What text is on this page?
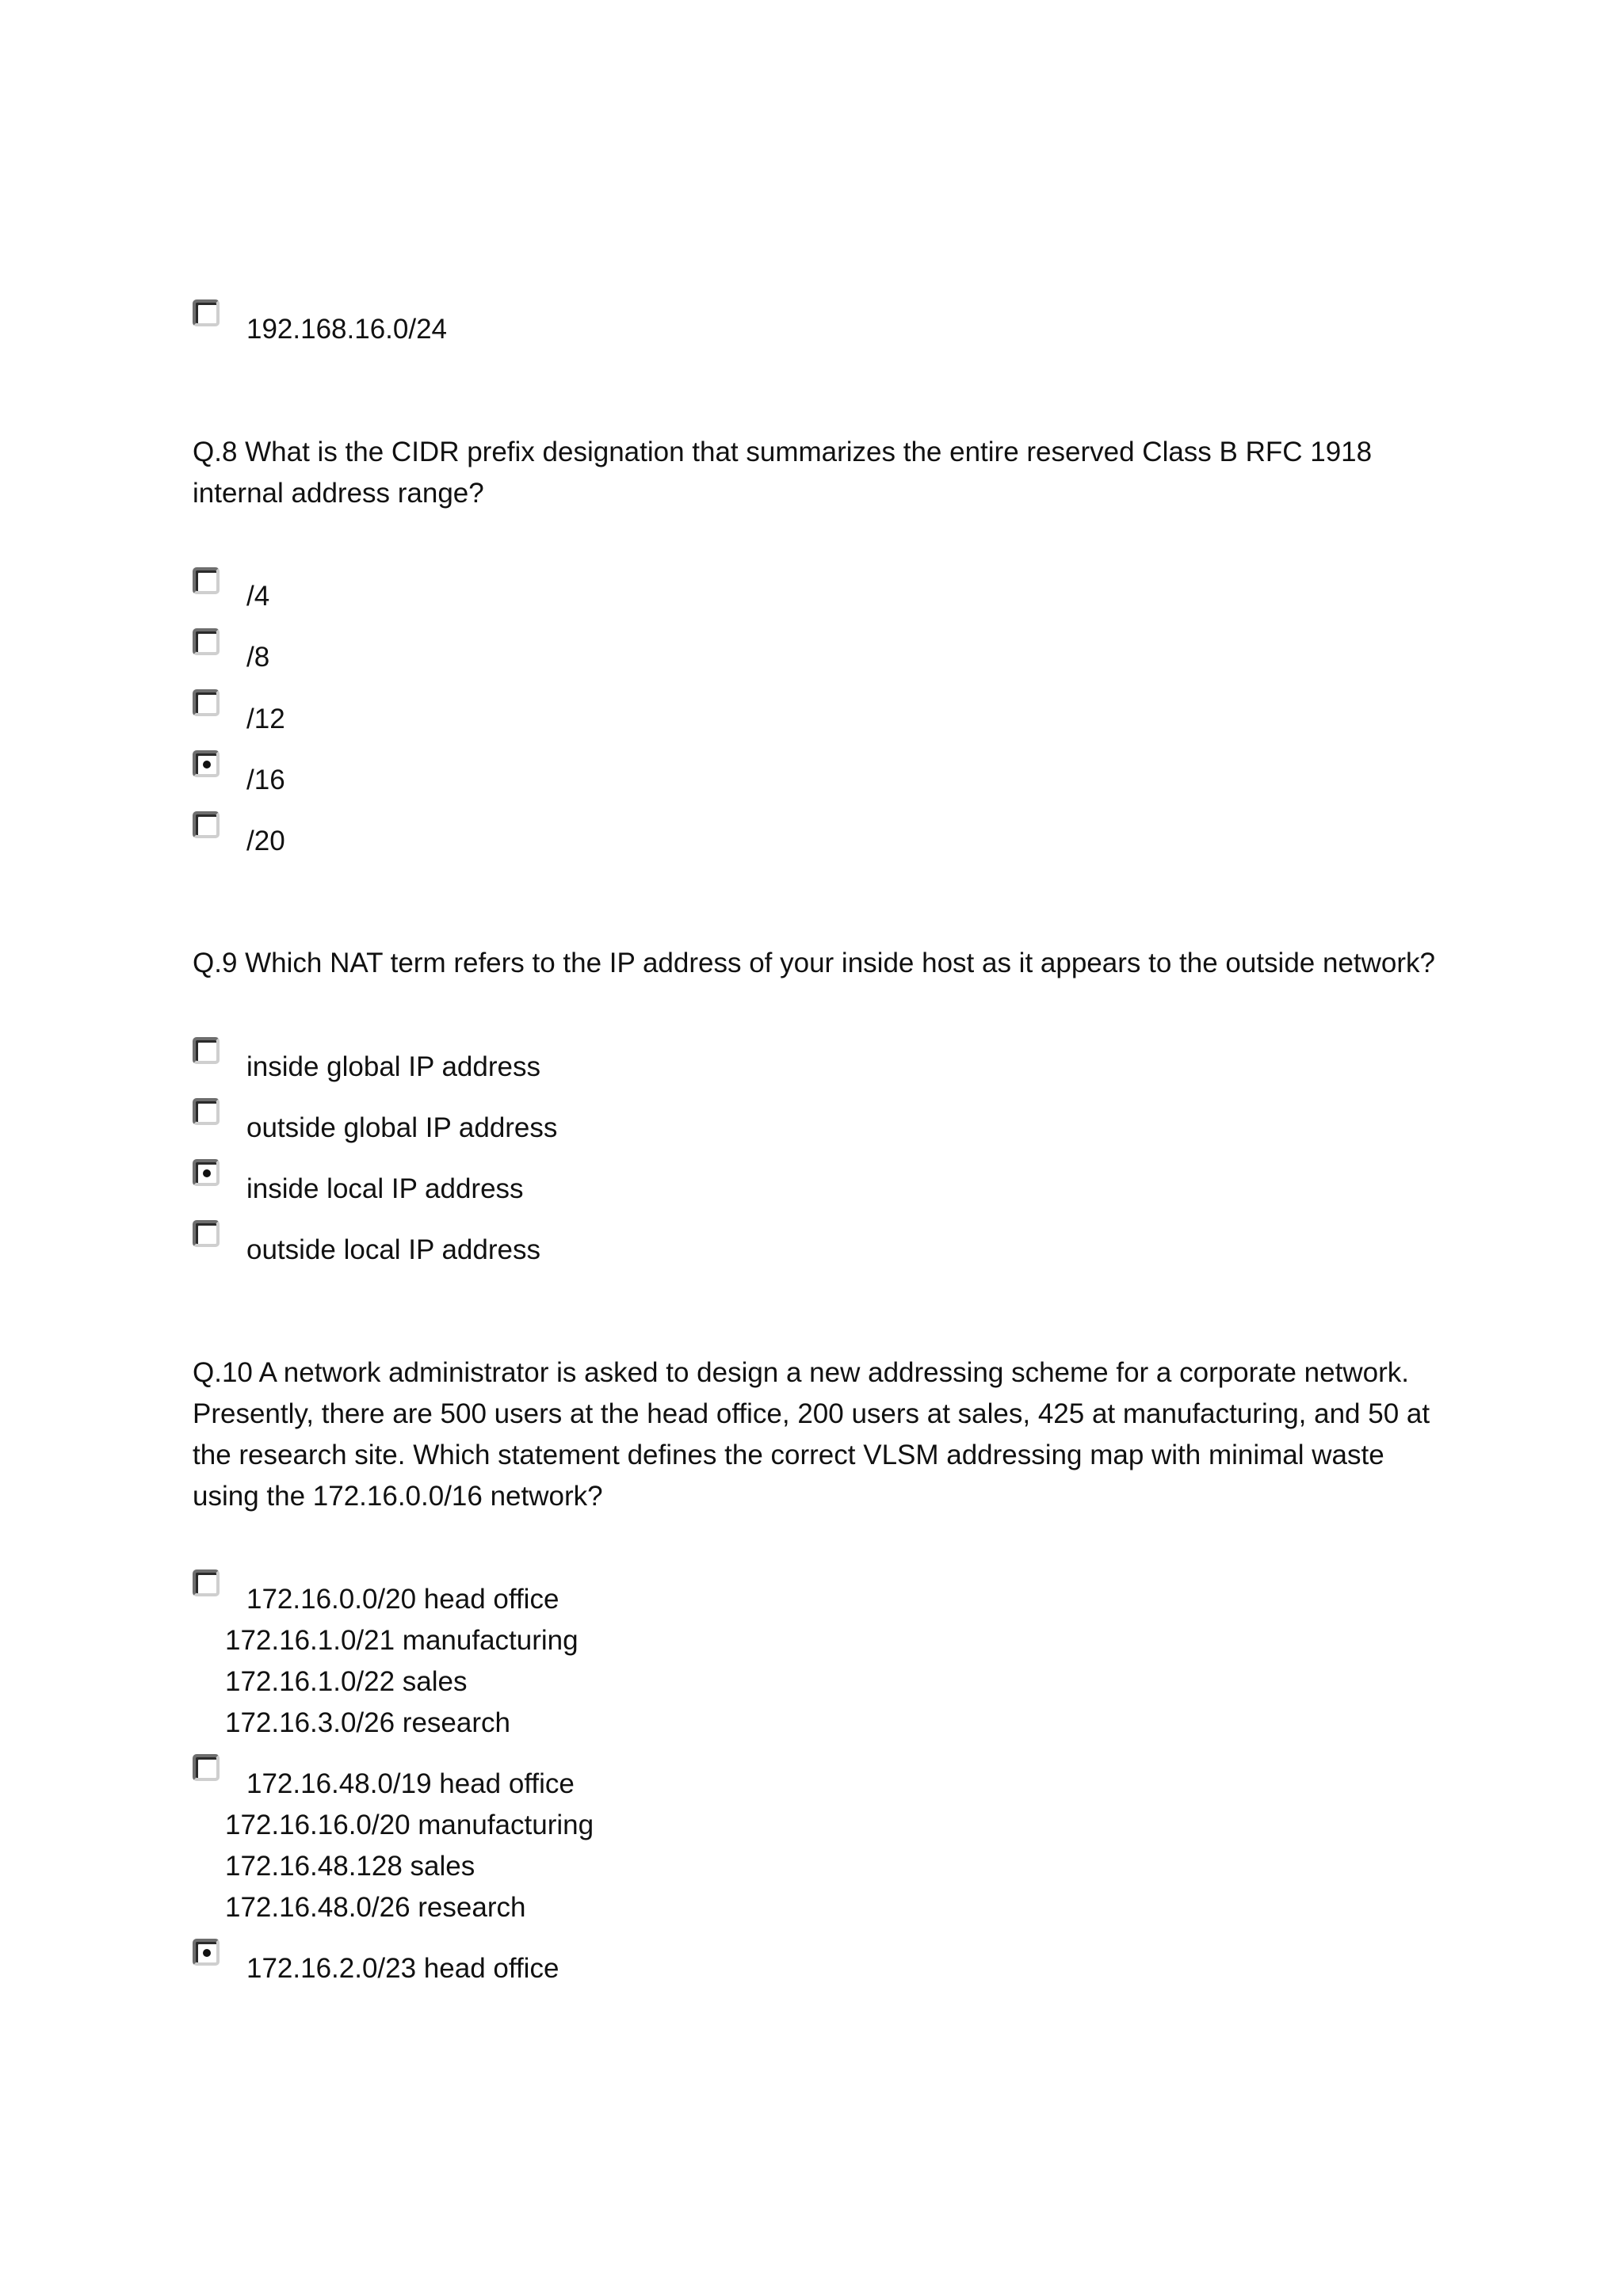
192.168.16.0/24

Q.8 What is the CIDR prefix designation that summarizes the entire reserved Class B RFC 1918 internal address range?

/4

/8

/12

/16

/20

Q.9 Which NAT term refers to the IP address of your inside host as it appears to the outside network?

inside global IP address

outside global IP address

inside local IP address

outside local IP address

Q.10 A network administrator is asked to design a new addressing scheme for a corporate network. Presently, there are 500 users at the head office, 200 users at sales, 425 at manufacturing, and 50 at the research site. Which statement defines the correct VLSM addressing map with minimal waste using the 172.16.0.0/16 network?

172.16.0.0/20 head office

172.16.1.0/21 manufacturing

172.16.1.0/22 sales

172.16.3.0/26 research

172.16.48.0/19 head office

172.16.16.0/20 manufacturing

172.16.48.128 sales

172.16.48.0/26 research

172.16.2.0/23 head office
